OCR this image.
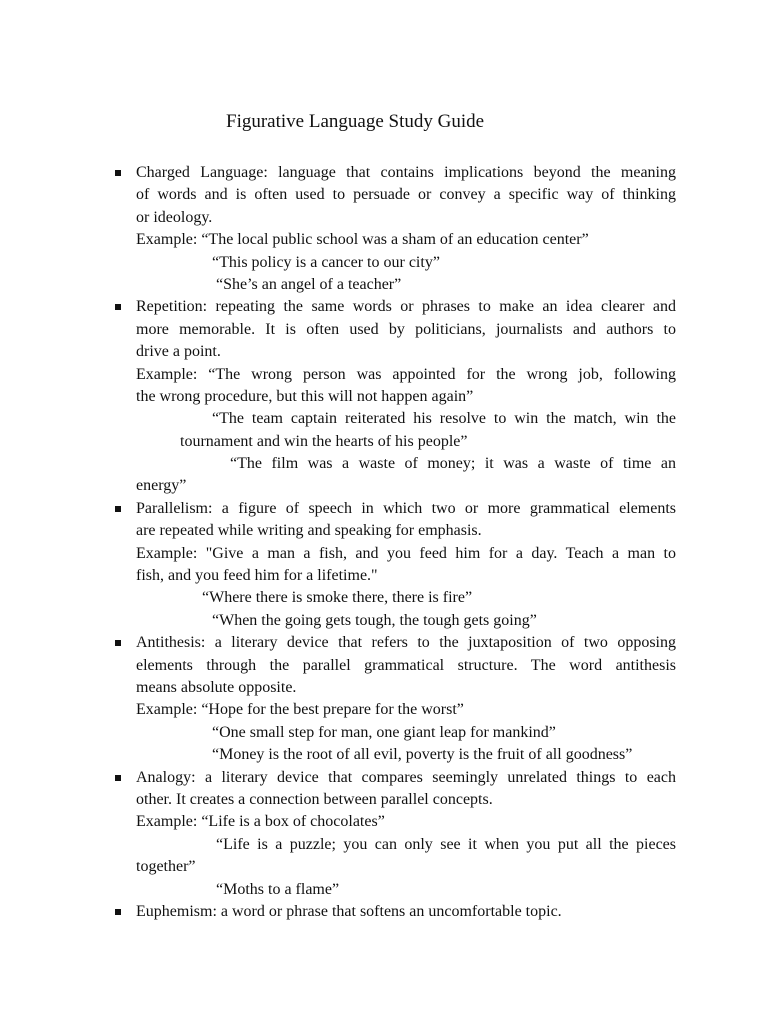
Figurative Language Study Guide
Charged Language: language that contains implications beyond the meaning
of words and is often used to persuade or convey a specific way of thinking
or ideology.
Example: “The local public school was a sham of an education center”
“This policy is a cancer to our city”
“She’s an angel of a teacher”
Repetition: repeating the same words or phrases to make an idea clearer and
more memorable. It is often used by politicians, journalists and authors to
drive a point.
Example: “The wrong person was appointed for the wrong job, following
the wrong procedure, but this will not happen again”
“The team captain reiterated his resolve to win the match, win the
tournament and win the hearts of his people”
“The film was a waste of money; it was a waste of time an
energy”
Parallelism: a figure of speech in which two or more grammatical elements
are repeated while writing and speaking for emphasis.
Example: "Give a man a fish, and you feed him for a day. Teach a man to
fish, and you feed him for a lifetime."
“Where there is smoke there, there is fire”
“When the going gets tough, the tough gets going”
Antithesis: a literary device that refers to the juxtaposition of two opposing
elements through the parallel grammatical structure. The word antithesis
means absolute opposite.
Example: “Hope for the best prepare for the worst”
“One small step for man, one giant leap for mankind”
“Money is the root of all evil, poverty is the fruit of all goodness”
Analogy: a literary device that compares seemingly unrelated things to each
other. It creates a connection between parallel concepts.
Example: “Life is a box of chocolates”
“Life is a puzzle; you can only see it when you put all the pieces
together”
“Moths to a flame”
Euphemism: a word or phrase that softens an uncomfortable topic.
